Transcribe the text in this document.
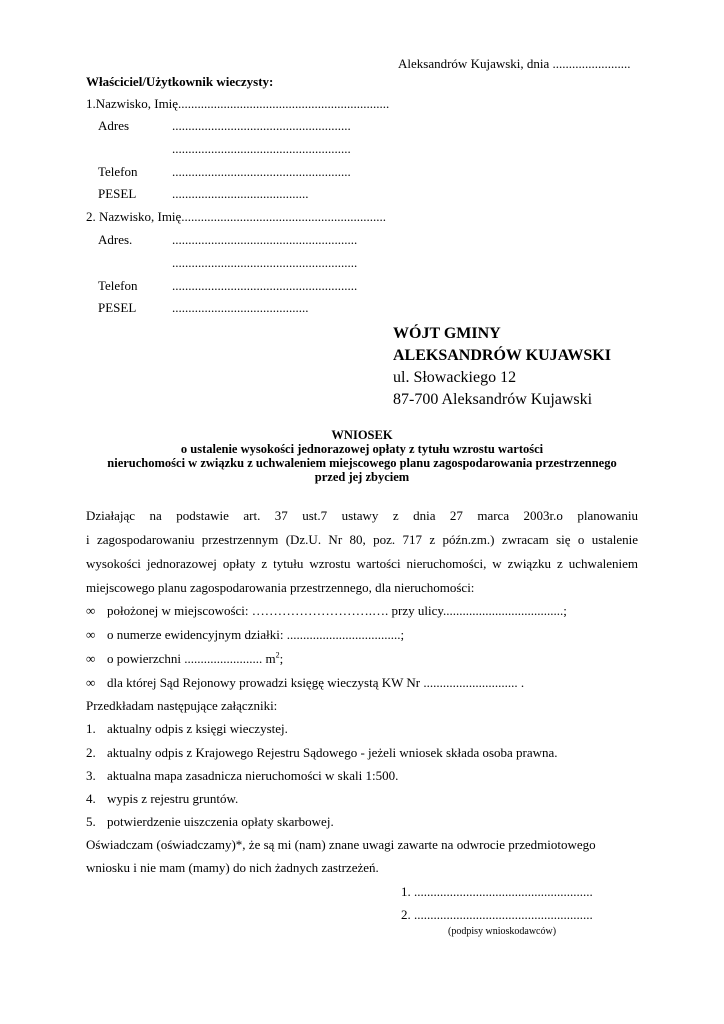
Aleksandrów Kujawski, dnia ........................
Właściciel/Użytkownik wieczysty:
1.Nazwisko, Imię.................................................................
Adres	.......................................................
.......................................................
Telefon	.......................................................
PESEL	..........................................
2. Nazwisko, Imię...............................................................
Adres.	.........................................................
.........................................................
Telefon	.........................................................
PESEL	..........................................
WÓJT GMINY
ALEKSANDRÓW KUJAWSKI
ul. Słowackiego 12
87-700 Aleksandrów Kujawski
WNIOSEK
o ustalenie wysokości jednorazowej opłaty z tytułu wzrostu wartości
nieruchomości w związku z uchwaleniem miejscowego planu zagospodarowania przestrzennego
przed jej zbyciem
Działając na podstawie art. 37 ust.7 ustawy z dnia 27 marca 2003r.o planowaniu
i zagospodarowaniu przestrzennym (Dz.U. Nr 80, poz. 717 z późn.zm.) zwracam się o ustalenie
wysokości jednorazowej opłaty z tytułu wzrostu wartości nieruchomości, w związku z uchwaleniem
miejscowego planu zagospodarowania przestrzennego, dla nieruchomości:
∞ położonej w miejscowości: ……………………….…. przy ulicy.....................................;
∞ o numerze ewidencyjnym działki: ...................................;
∞ o powierzchni ........................ $m^2$;
∞ dla której Sąd Rejonowy prowadzi księgę wieczystą KW Nr ............................. .
Przedkładam następujące załączniki:
1. aktualny odpis z księgi wieczystej.
2. aktualny odpis z Krajowego Rejestru Sądowego - jeżeli wniosek składa osoba prawna.
3. aktualna mapa zasadnicza nieruchomości w skali 1:500.
4. wypis z rejestru gruntów.
5. potwierdzenie uiszczenia opłaty skarbowej.
Oświadczam (oświadczamy)*, że są mi (nam) znane uwagi zawarte na odwrocie przedmiotowego
wniosku i nie mam (mamy) do nich żadnych zastrzeżeń.
1. .......................................................
2. .......................................................
(podpisy wnioskodawców)
